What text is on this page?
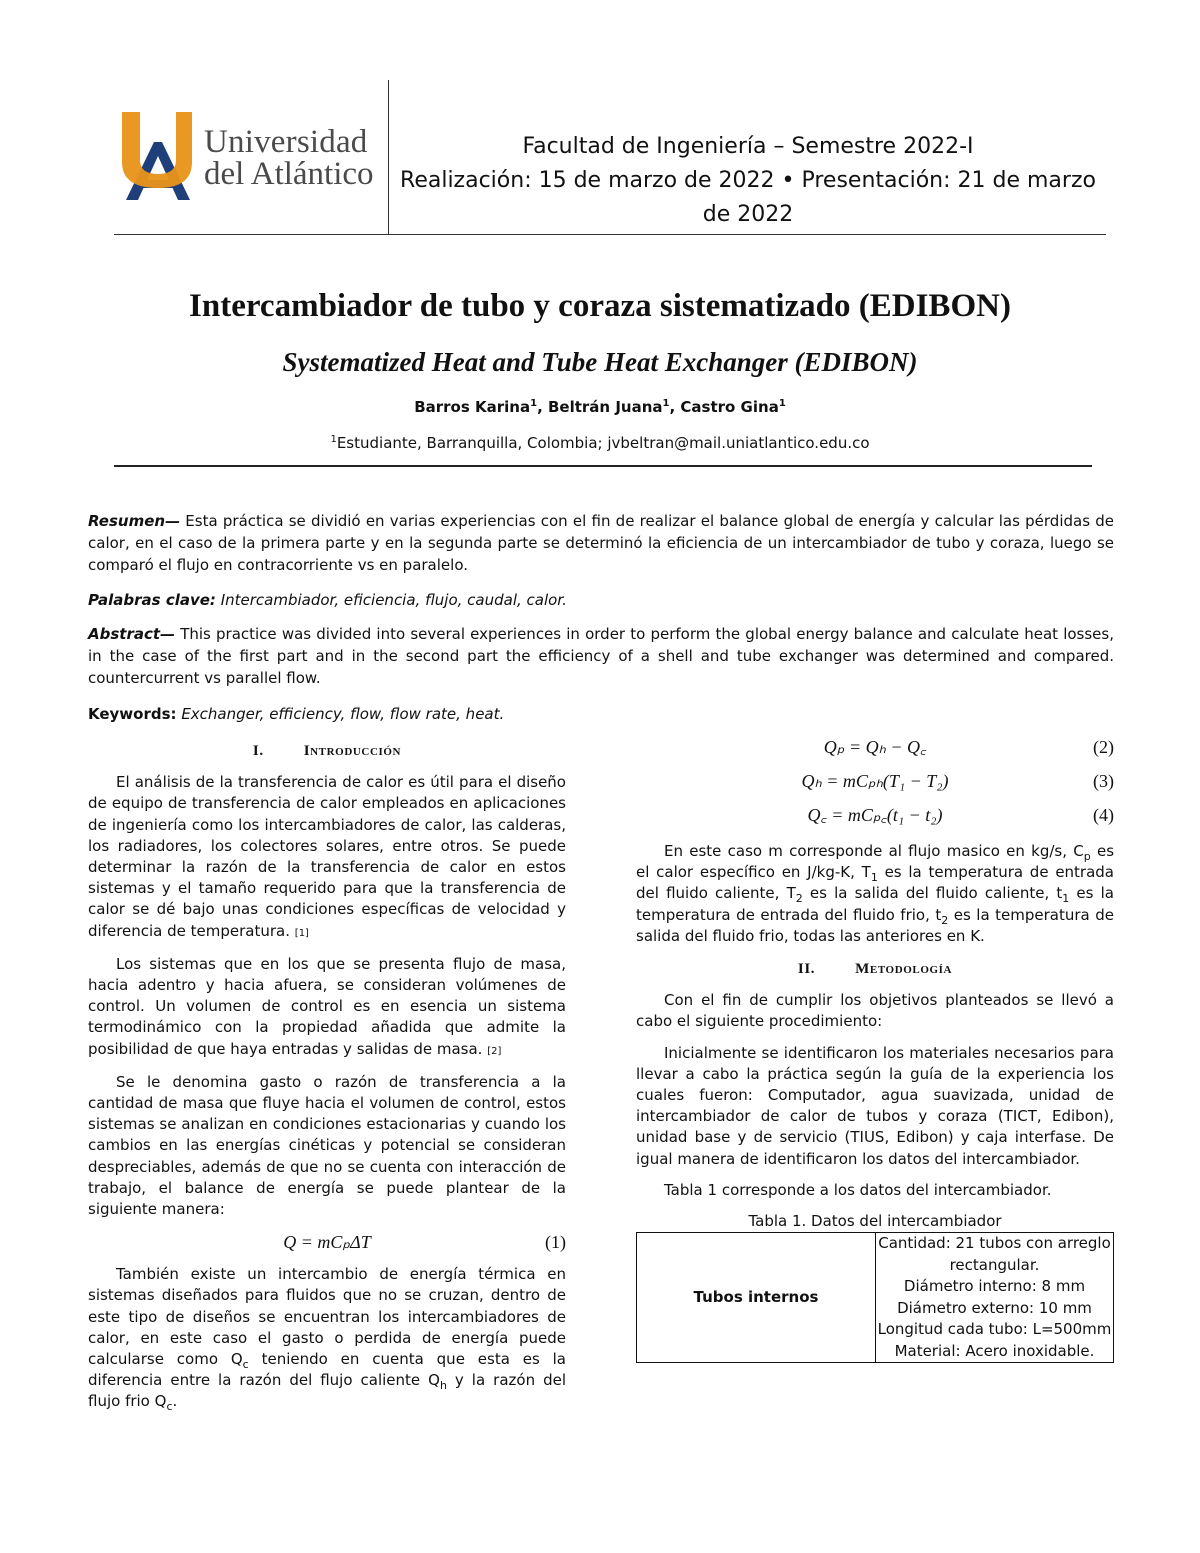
Universidad
del Atlántico
Facultad de Ingeniería – Semestre 2022-I
Realización: 15 de marzo de 2022 • Presentación: 21 de marzo
de 2022
Intercambiador de tubo y coraza sistematizado (EDIBON)
Systematized Heat and Tube Heat Exchanger (EDIBON)
Barros Karina$^1$, Beltrán Juana$^1$, Castro Gina$^1$
$^1$Estudiante, Barranquilla, Colombia; jvbeltran@mail.uniatlantico.edu.co
Resumen— Esta práctica se dividió en varias experiencias con el fin de realizar el balance global de energía y calcular las pérdidas de calor, en el caso de la primera parte y en la segunda parte se determinó la eficiencia de un intercambiador de tubo y coraza, luego se comparó el flujo en contracorriente vs en paralelo.
Palabras clave: Intercambiador, eficiencia, flujo, caudal, calor.
Abstract— This practice was divided into several experiences in order to perform the global energy balance and calculate heat losses, in the case of the first part and in the second part the efficiency of a shell and tube exchanger was determined and compared. countercurrent vs parallel flow.
Keywords: Exchanger, efficiency, flow, flow rate, heat.
I.	Introducción

El análisis de la transferencia de calor es útil para el diseño de equipo de transferencia de calor empleados en aplicaciones de ingeniería como los intercambiadores de calor, las calderas, los radiadores, los colectores solares, entre otros. Se puede determinar la razón de la transferencia de calor en estos sistemas y el tamaño requerido para que la transferencia de calor se dé bajo unas condiciones específicas de velocidad y diferencia de temperatura. [1]

Los sistemas que en los que se presenta flujo de masa, hacia adentro y hacia afuera, se consideran volúmenes de control. Un volumen de control es en esencia un sistema termodinámico con la propiedad añadida que admite la posibilidad de que haya entradas y salidas de masa. [2]

Se le denomina gasto o razón de transferencia a la cantidad de masa que fluye hacia el volumen de control, estos sistemas se analizan en condiciones estacionarias y cuando los cambios en las energías cinéticas y potencial se consideran despreciables, además de que no se cuenta con interacción de trabajo, el balance de energía se puede plantear de la siguiente manera:

Q = mCₚΔT	(1)

También existe un intercambio de energía térmica en sistemas diseñados para fluidos que no se cruzan, dentro de este tipo de diseños se encuentran los intercambiadores de calor, en este caso el gasto o perdida de energía puede calcularse como $Q_c$ teniendo en cuenta que esta es la diferencia entre la razón del flujo caliente $Q_h$ y la razón del flujo frio $Q_c$.

Qₚ = Qₕ − Q꜀	(2)
Qₕ = mCₚₕ(T₁ − T₂)	(3)
Q꜀ = mCₚ꜀(t₁ − t₂)	(4)

En este caso m corresponde al flujo masico en kg/s, $C_p$ es el calor específico en J/kg-K, $T_1$ es la temperatura de entrada del fluido caliente, $T_2$ es la salida del fluido caliente, $t_1$ es la temperatura de entrada del fluido frio, $t_2$ es la temperatura de salida del fluido frio, todas las anteriores en K.

II.	Metodología

Con el fin de cumplir los objetivos planteados se llevó a cabo el siguiente procedimiento:

Inicialmente se identificaron los materiales necesarios para llevar a cabo la práctica según la guía de la experiencia los cuales fueron: Computador, agua suavizada, unidad de intercambiador de calor de tubos y coraza (TICT, Edibon), unidad base y de servicio (TIUS, Edibon) y caja interfase. De igual manera de identificaron los datos del intercambiador.

Tabla 1 corresponde a los datos del intercambiador.

Tabla 1. Datos del intercambiador
Tubos internos	
Cantidad: 21 tubos con arreglo rectangular.
Diámetro interno: 8 mm
Diámetro externo: 10 mm
Longitud cada tubo: L=500mm
Material: Acero inoxidable.
